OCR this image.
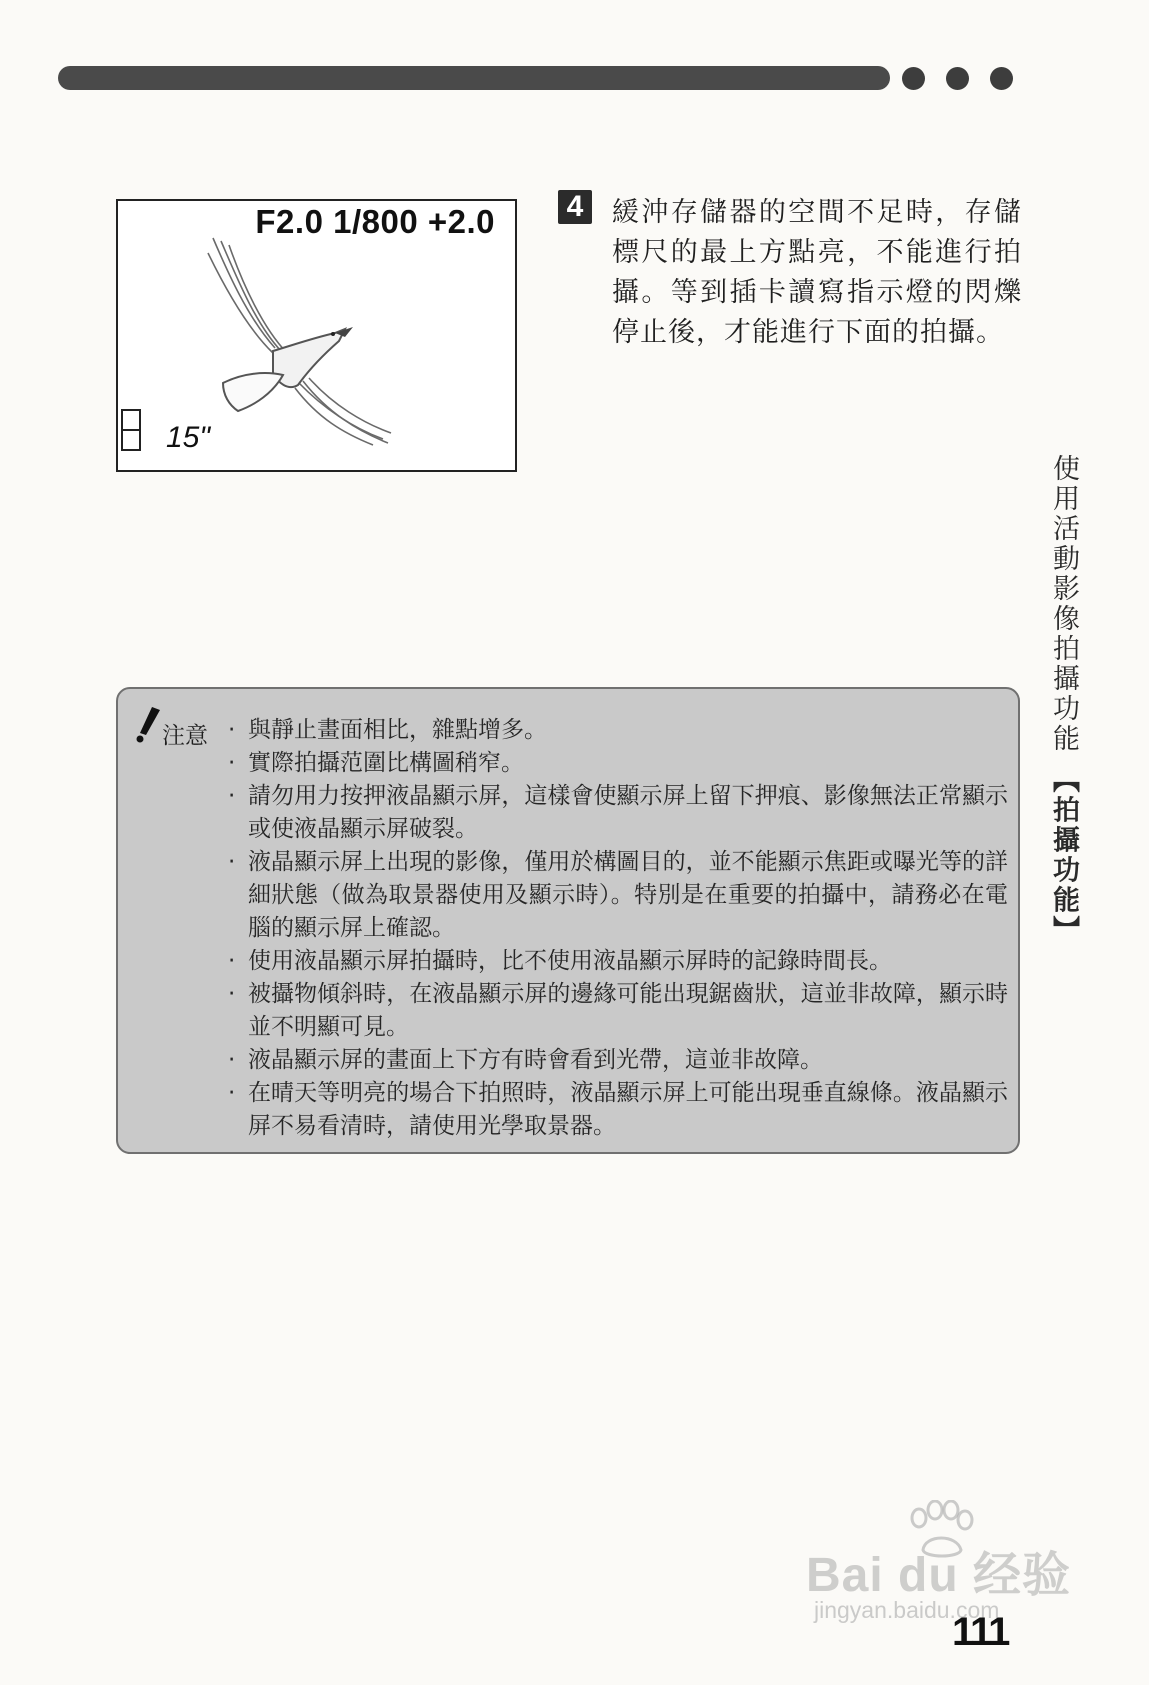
F2.0 1/800 +2.0
15"
4	緩沖存儲器的空間不足時，存儲標尺的最上方點亮，不能進行拍攝。等到插卡讀寫指示燈的閃爍停止後，才能進行下面的拍攝。
使用活動影像拍攝功能 【拍攝功能】
注意
·	與靜止畫面相比，雜點增多。
· 實際拍攝范圍比構圖稍窄。
· 請勿用力按押液晶顯示屏，這樣會使顯示屏上留下押痕、影像無法正常顯示或使液晶顯示屏破裂。
· 液晶顯示屏上出現的影像，僅用於構圖目的，並不能顯示焦距或曝光等的詳細狀態（做為取景器使用及顯示時）。特別是在重要的拍攝中，請務必在電腦的顯示屏上確認。
· 使用液晶顯示屏拍攝時，比不使用液晶顯示屏時的記錄時間長。
· 被攝物傾斜時，在液晶顯示屏的邊緣可能出現鋸齒狀，這並非故障，顯示時並不明顯可見。
· 液晶顯示屏的畫面上下方有時會看到光帶，這並非故障。
· 在晴天等明亮的場合下拍照時，液晶顯示屏上可能出現垂直線條。液晶顯示屏不易看清時，請使用光學取景器。
Bai du 经验
jingyan.baidu.com
111
